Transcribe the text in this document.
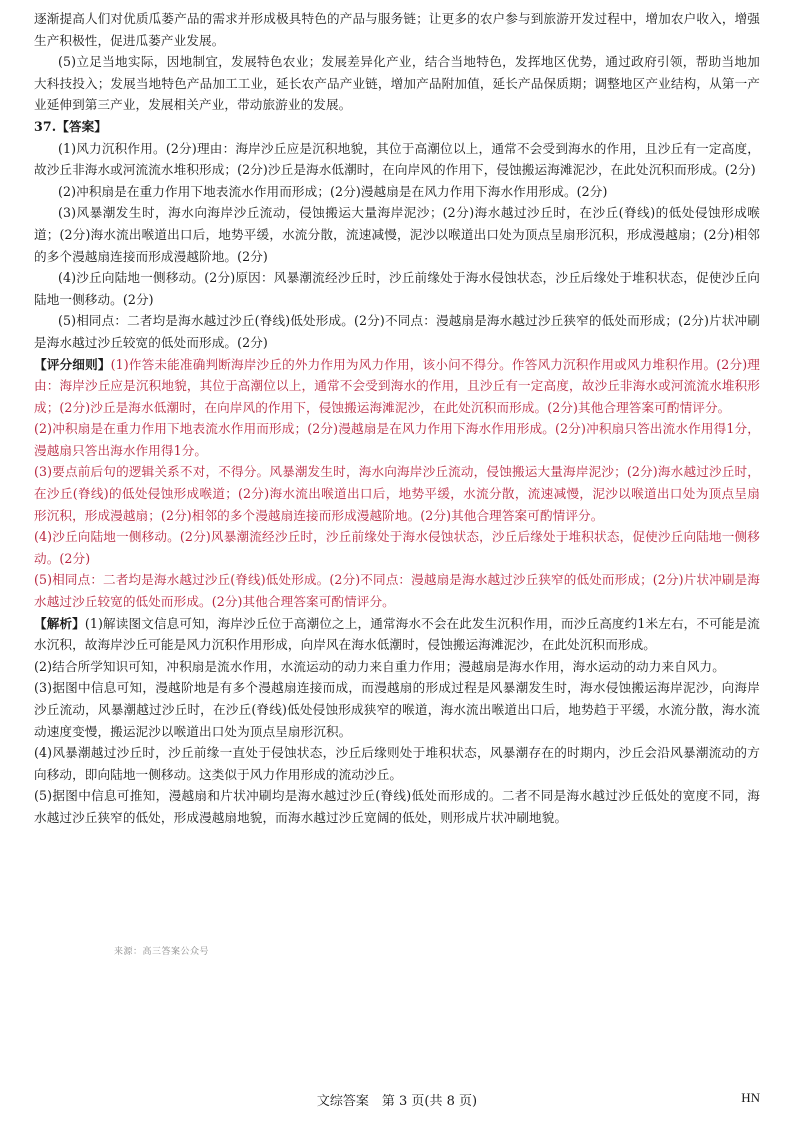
逐渐提高人们对优质瓜蒌产品的需求并形成极具特色的产品与服务链；让更多的农户参与到旅游开发过程中，增加农户收入，增强生产积极性，促进瓜蒌产业发展。

(5)立足当地实际，因地制宜，发展特色农业；发展差异化产业，结合当地特色，发挥地区优势，通过政府引领，帮助当地加大科技投入；发展当地特色产品加工工业，延长农产品产业链，增加产品附加值，延长产品保质期；调整地区产业结构，从第一产业延伸到第三产业，发展相关产业，带动旅游业的发展。

37.【答案】

(1)风力沉积作用。(2分)理由：海岸沙丘应是沉积地貌，其位于高潮位以上，通常不会受到海水的作用，且沙丘有一定高度，故沙丘非海水或河流流水堆积形成；(2分)沙丘是海水低潮时，在向岸风的作用下，侵蚀搬运海滩泥沙，在此处沉积而形成。(2分)

(2)冲积扇是在重力作用下地表流水作用而形成；(2分)漫越扇是在风力作用下海水作用形成。(2分)

(3)风暴潮发生时，海水向海岸沙丘流动，侵蚀搬运大量海岸泥沙；(2分)海水越过沙丘时，在沙丘(脊线)的低处侵蚀形成喉道；(2分)海水流出喉道出口后，地势平缓，水流分散，流速减慢，泥沙以喉道出口处为顶点呈扇形沉积，形成漫越扇；(2分)相邻的多个漫越扇连接而形成漫越阶地。(2分)

(4)沙丘向陆地一侧移动。(2分)原因：风暴潮流经沙丘时，沙丘前缘处于海水侵蚀状态，沙丘后缘处于堆积状态，促使沙丘向陆地一侧移动。(2分)

(5)相同点：二者均是海水越过沙丘(脊线)低处形成。(2分)不同点：漫越扇是海水越过沙丘狭窄的低处而形成；(2分)片状冲刷是海水越过沙丘较宽的低处而形成。(2分)

【评分细则】(1)作答未能准确判断海岸沙丘的外力作用为风力作用，该小问不得分。作答风力沉积作用或风力堆积作用。(2分)理由：海岸沙丘应是沉积地貌，其位于高潮位以上，通常不会受到海水的作用，且沙丘有一定高度，故沙丘非海水或河流流水堆积形成；(2分)沙丘是海水低潮时，在向岸风的作用下，侵蚀搬运海滩泥沙，在此处沉积而形成。(2分)其他合理答案可酌情评分。

(2)冲积扇是在重力作用下地表流水作用而形成；(2分)漫越扇是在风力作用下海水作用形成。(2分)冲积扇只答出流水作用得1分，漫越扇只答出海水作用得1分。

(3)要点前后句的逻辑关系不对，不得分。风暴潮发生时，海水向海岸沙丘流动，侵蚀搬运大量海岸泥沙；(2分)海水越过沙丘时，在沙丘(脊线)的低处侵蚀形成喉道；(2分)海水流出喉道出口后，地势平缓，水流分散，流速减慢，泥沙以喉道出口处为顶点呈扇形沉积，形成漫越扇；(2分)相邻的多个漫越扇连接而形成漫越阶地。(2分)其他合理答案可酌情评分。

(4)沙丘向陆地一侧移动。(2分)风暴潮流经沙丘时，沙丘前缘处于海水侵蚀状态，沙丘后缘处于堆积状态，促使沙丘向陆地一侧移动。(2分)

(5)相同点：二者均是海水越过沙丘(脊线)低处形成。(2分)不同点：漫越扇是海水越过沙丘狭窄的低处而形成；(2分)片状冲刷是海水越过沙丘较宽的低处而形成。(2分)其他合理答案可酌情评分。

【解析】(1)解读图文信息可知，海岸沙丘位于高潮位之上，通常海水不会在此发生沉积作用，而沙丘高度约1米左右，不可能是流水沉积，故海岸沙丘可能是风力沉积作用形成，向岸风在海水低潮时，侵蚀搬运海滩泥沙，在此处沉积而形成。

(2)结合所学知识可知，冲积扇是流水作用，水流运动的动力来自重力作用；漫越扇是海水作用，海水运动的动力来自风力。

(3)据图中信息可知，漫越阶地是有多个漫越扇连接而成，而漫越扇的形成过程是风暴潮发生时，海水侵蚀搬运海岸泥沙，向海岸沙丘流动，风暴潮越过沙丘时，在沙丘(脊线)低处侵蚀形成狭窄的喉道，海水流出喉道出口后，地势趋于平缓，水流分散，海水流动速度变慢，搬运泥沙以喉道出口处为顶点呈扇形沉积。

(4)风暴潮越过沙丘时，沙丘前缘一直处于侵蚀状态，沙丘后缘则处于堆积状态，风暴潮存在的时期内，沙丘会沿风暴潮流动的方向移动，即向陆地一侧移动。这类似于风力作用形成的流动沙丘。

(5)据图中信息可推知，漫越扇和片状冲刷均是海水越过沙丘(脊线)低处而形成的。二者不同是海水越过沙丘低处的宽度不同，海水越过沙丘狭窄的低处，形成漫越扇地貌，而海水越过沙丘宽阔的低处，则形成片状冲刷地貌。

来源：高三答案公众号
文综答案　第 3 页(共 8 页)	HN
